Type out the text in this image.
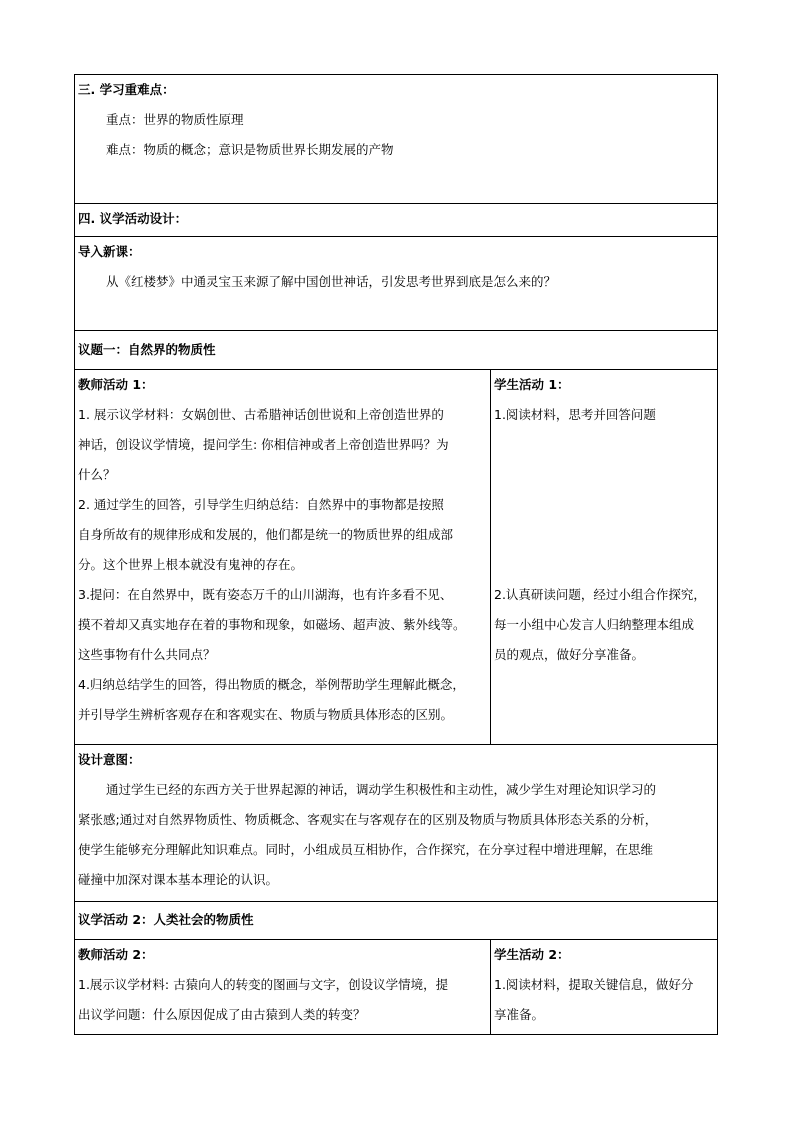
三. 学习重难点：
重点：世界的物质性原理
难点：物质的概念；意识是物质世界长期发展的产物
四. 议学活动设计：
导入新课：
从《红楼梦》中通灵宝玉来源了解中国创世神话，引发思考世界到底是怎么来的？
议题一：自然界的物质性
教师活动 1：
1. 展示议学材料：女娲创世、古希腊神话创世说和上帝创造世界的
神话，创设议学情境，提问学生: 你相信神或者上帝创造世界吗？为
什么？
2. 通过学生的回答，引导学生归纳总结：自然界中的事物都是按照
自身所故有的规律形成和发展的，他们都是统一的物质世界的组成部
分。这个世界上根本就没有鬼神的存在。
3.提问：在自然界中，既有姿态万千的山川湖海，也有许多看不见、
摸不着却又真实地存在着的事物和现象，如磁场、超声波、紫外线等。
这些事物有什么共同点？
4.归纳总结学生的回答，得出物质的概念，举例帮助学生理解此概念，
并引导学生辨析客观存在和客观实在、物质与物质具体形态的区别。
学生活动 1：
1.阅读材料，思考并回答问题
2.认真研读问题，经过小组合作探究，
每一小组中心发言人归纳整理本组成
员的观点，做好分享准备。
设计意图：
通过学生已经的东西方关于世界起源的神话，调动学生积极性和主动性，减少学生对理论知识学习的
紧张感;通过对自然界物质性、物质概念、客观实在与客观存在的区别及物质与物质具体形态关系的分析，
使学生能够充分理解此知识难点。同时，小组成员互相协作，合作探究，在分享过程中增进理解，在思维
碰撞中加深对课本基本理论的认识。
议学活动 2：人类社会的物质性
教师活动 2：
1.展示议学材料: 古猿向人的转变的图画与文字，创设议学情境，提
出议学问题：什么原因促成了由古猿到人类的转变？
学生活动 2：
1.阅读材料，提取关键信息，做好分
享准备。
